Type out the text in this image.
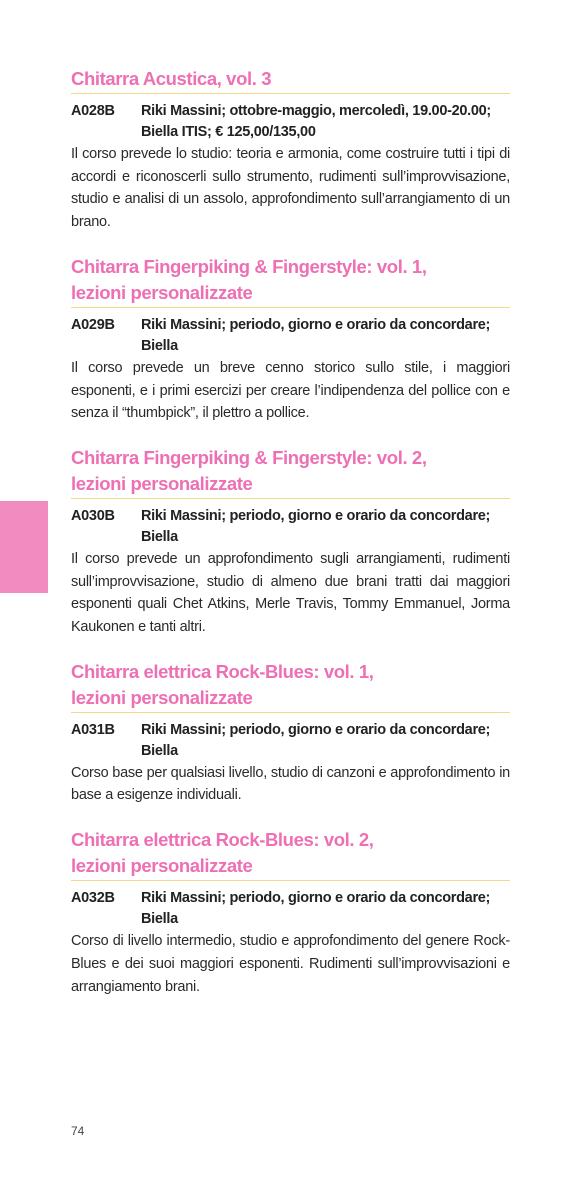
Chitarra Acustica, vol. 3
A028B	Riki Massini; ottobre-maggio, mercoledì, 19.00-20.00;
Biella ITIS; € 125,00/135,00
Il corso prevede lo studio: teoria e armonia, come costruire tutti i tipi di accordi e riconoscerli sullo strumento, rudimenti sull’improvvisazione, studio e analisi di un assolo, approfondimento sull’arrangiamento di un brano.
Chitarra Fingerpiking & Fingerstyle: vol. 1,
lezioni personalizzate
A029B	Riki Massini; periodo, giorno e orario da concordare;
Biella
Il corso prevede un breve cenno storico sullo stile, i maggiori esponenti, e i primi esercizi per creare l’indipendenza del pollice con e senza il “thumbpick”, il plettro a pollice.
Chitarra Fingerpiking & Fingerstyle: vol. 2,
lezioni personalizzate
A030B	Riki Massini; periodo, giorno e orario da concordare;
Biella
Il corso prevede un approfondimento sugli arrangiamenti, rudimenti sull’improvvisazione, studio di almeno due brani tratti dai maggiori esponenti quali Chet Atkins, Merle Travis, Tommy Emmanuel, Jorma Kaukonen e tanti altri.
Chitarra elettrica Rock-Blues: vol. 1,
lezioni personalizzate
A031B	Riki Massini; periodo, giorno e orario da concordare;
Biella
Corso base per qualsiasi livello, studio di canzoni e approfondimento in base a esigenze individuali.
Chitarra elettrica Rock-Blues: vol. 2,
lezioni personalizzate
A032B	Riki Massini; periodo, giorno e orario da concordare;
Biella
Corso di livello intermedio, studio e approfondimento del genere Rock-Blues e dei suoi maggiori esponenti. Rudimenti sull’improvvisazioni e arrangiamento brani.
74
